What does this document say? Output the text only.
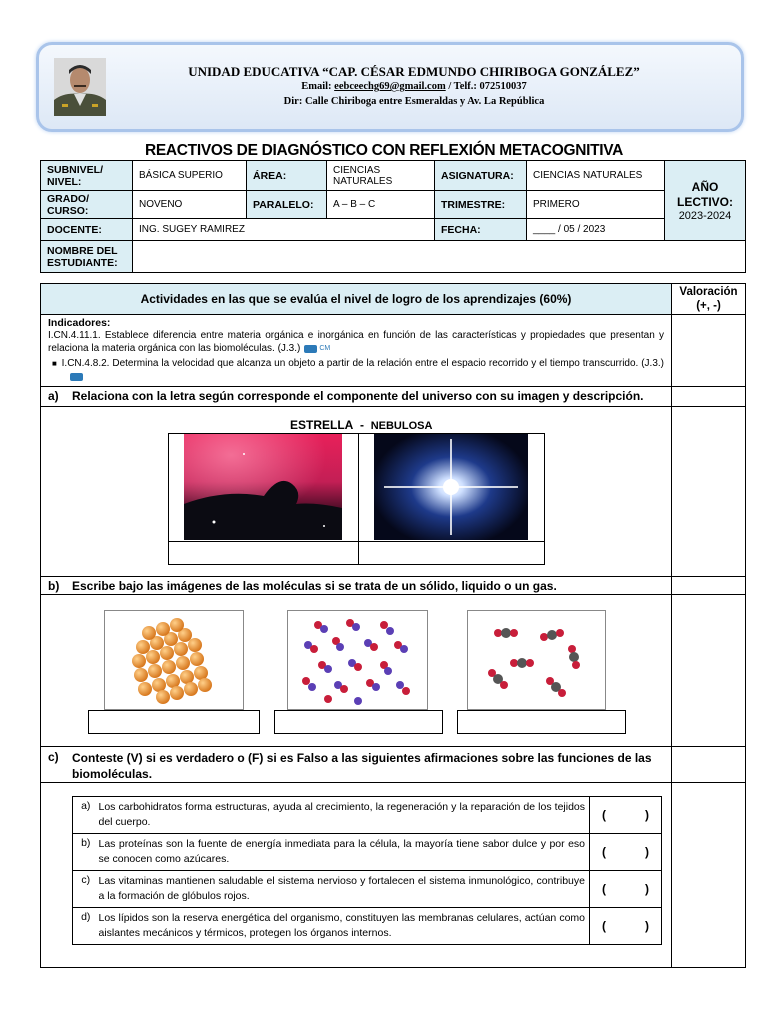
UNIDAD EDUCATIVA “CAP. CÉSAR EDMUNDO CHIRIBOGA GONZÁLEZ”
Email: eebceechg69@gmail.com / Telf.: 072510037
Dir: Calle Chiriboga entre Esmeraldas y Av. La República
REACTIVOS DE DIAGNÓSTICO CON REFLEXIÓN METACOGNITIVA
SUBNIVEL/ NIVEL:	BÁSICA SUPERIO	ÁREA:	CIENCIAS NATURALES	ASIGNATURA:	CIENCIAS NATURALES	AÑO LECTIVO:
2023-2024

GRADO/ CURSO:	NOVENO	PARALELO:	A – B – C	TRIMESTRE:	PRIMERO	
DOCENTE:	ING. SUGEY RAMIREZ			FECHA:	____ / 05 / 2023	
NOMBRE DEL ESTUDIANTE:						
Actividades en las que se evalúa el nivel de logro de los aprendizajes (60%)	Valoración (+, -)
Indicadores:
I.CN.4.11.1. Establece diferencia entre materia orgánica e inorgánica en función de las características y propiedades que presentan y relaciona la materia orgánica con las biomoléculas. (J.3.)	CM
■  I.CN.4.8.2. Determina la velocidad que alcanza un objeto a partir de la relación entre el espacio recorrido y el tiempo transcurrido. (J.3.)
a) Relaciona con la letra según corresponde el componente del universo con su imagen y descripción.
ESTRELLA - NEBULOSA
b) Escribe bajo las imágenes de las moléculas si se trata de un sólido, liquido o un gas.
c) Conteste (V) si es verdadero o (F) si es Falso a las siguientes afirmaciones sobre las funciones de las biomoléculas.
a)	Los carbohidratos forma estructuras, ayuda al crecimiento, la regeneración y la reparación de los tejidos del cuerpo.	( )

b)	Las proteínas son la fuente de energía inmediata para la célula, la mayoría tiene sabor dulce y por eso se conocen como azúcares.	( )

c)	Las vitaminas mantienen saludable el sistema nervioso y fortalecen el sistema inmunológico, contribuye a la formación de glóbulos rojos.	( )

d)	Los lípidos son la reserva energética del organismo, constituyen las membranas celulares, actúan como aislantes mecánicos y térmicos, protegen los órganos internos.	( )
